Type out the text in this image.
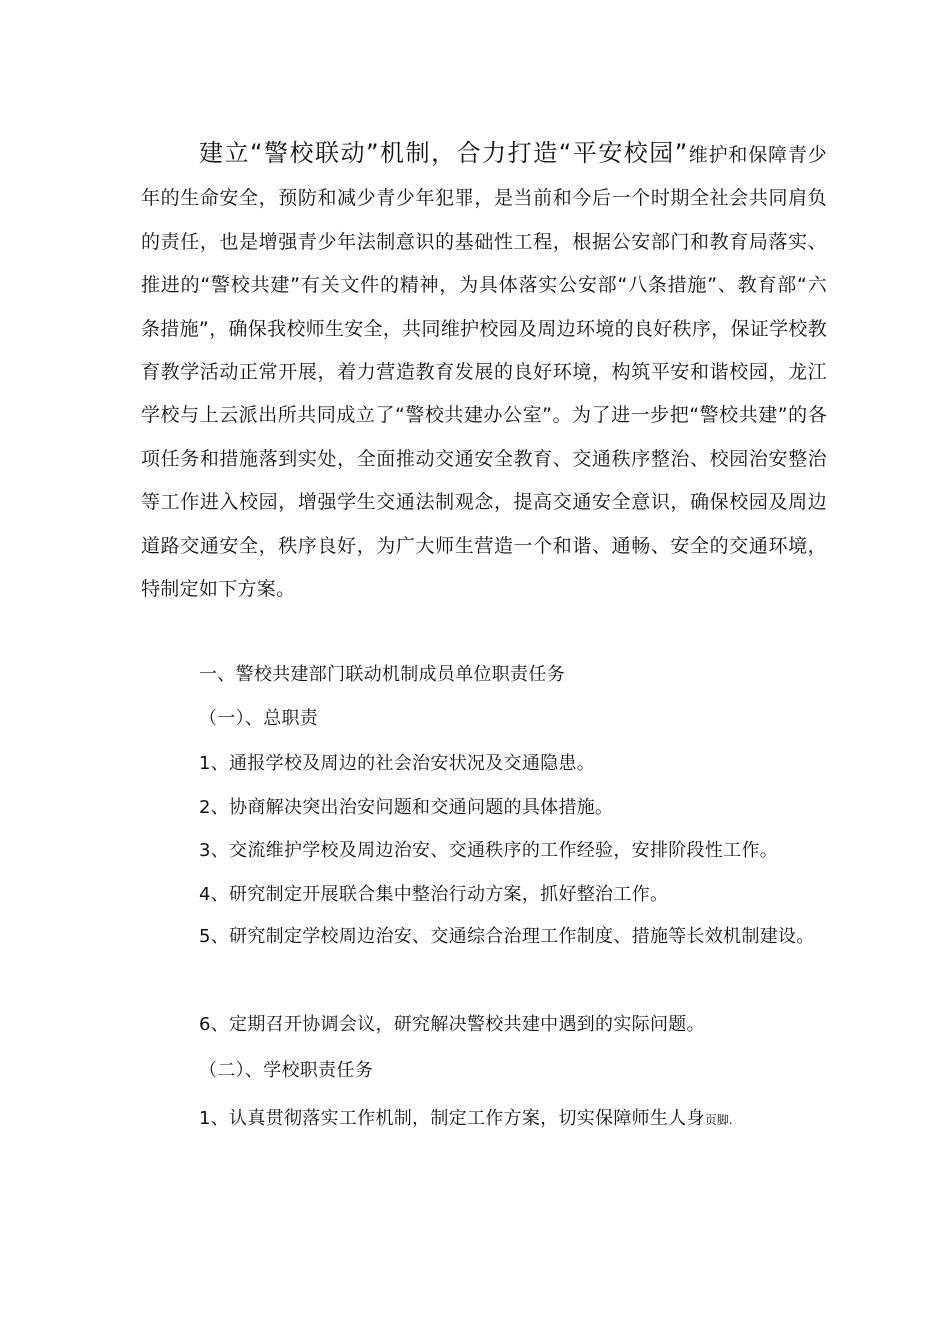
建立“警校联动”机制，合力打造“平安校园”维护和保障青少年的生命安全，预防和减少青少年犯罪，是当前和今后一个时期全社会共同肩负的责任，也是增强青少年法制意识的基础性工程，根据公安部门和教育局落实、推进的“警校共建”有关文件的精神，为具体落实公安部“八条措施”、教育部“六条措施”，确保我校师生安全，共同维护校园及周边环境的良好秩序，保证学校教育教学活动正常开展，着力营造教育发展的良好环境，构筑平安和谐校园，龙江学校与上云派出所共同成立了“警校共建办公室”。为了进一步把“警校共建”的各项任务和措施落到实处，全面推动交通安全教育、交通秩序整治、校园治安整治等工作进入校园，增强学生交通法制观念，提高交通安全意识，确保校园及周边道路交通安全，秩序良好，为广大师生营造一个和谐、通畅、安全的交通环境，特制定如下方案。

一、警校共建部门联动机制成员单位职责任务

（一）、总职责

1、通报学校及周边的社会治安状况及交通隐患。

2、协商解决突出治安问题和交通问题的具体措施。

3、交流维护学校及周边治安、交通秩序的工作经验，安排阶段性工作。

4、研究制定开展联合集中整治行动方案，抓好整治工作。

5、研究制定学校周边治安、交通综合治理工作制度、措施等长效机制建设。

6、定期召开协调会议，研究解决警校共建中遇到的实际问题。

（二）、学校职责任务

1、认真贯彻落实工作机制，制定工作方案，切实保障师生人身页脚.
